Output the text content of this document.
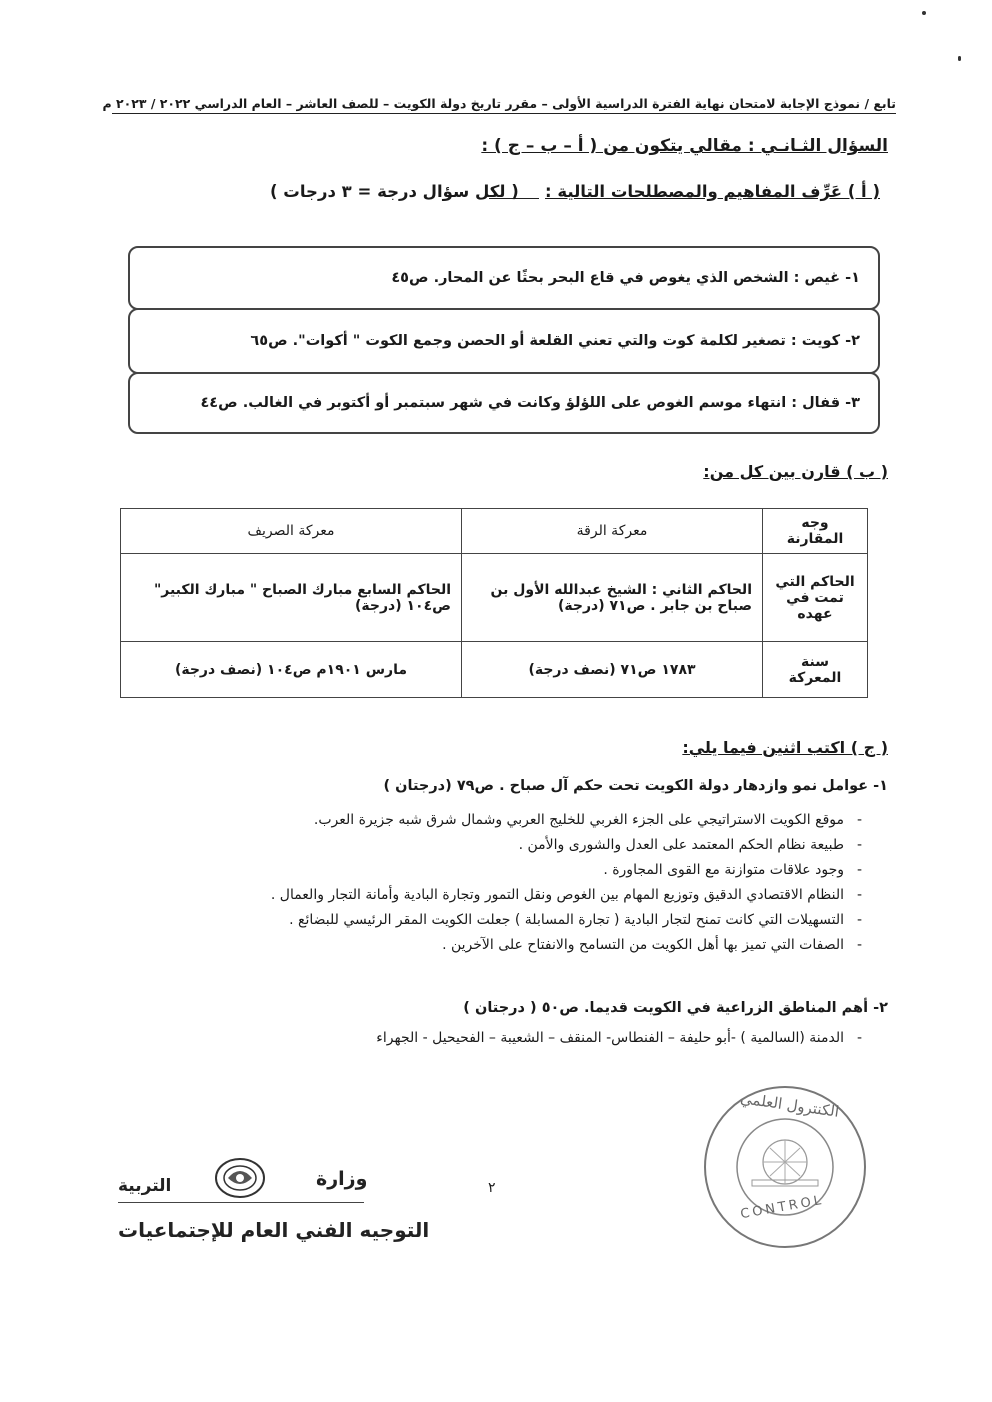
تابع / نموذج الإجابة لامتحان نهاية الفترة الدراسية الأولى – مقرر تاريخ دولة الكويت – للصف العاشر – العام الدراسي ٢٠٢٢ / ٢٠٢٣ م
السؤال الثـانـي : مقالي يتكون من ( أ – ب – ج ) :
( أ ) عَرِّف المفاهيم والمصطلحات التالية :
( لكل سؤال درجة = ٣ درجات )
١- غيص : الشخص الذي يغوص في قاع البحر بحثًا عن المحار. ص٤٥
٢- كويت : تصغير لكلمة كوت والتي تعني القلعة أو الحصن وجمع الكوت " أكوات". ص٦٥
٣- قفال : انتهاء موسم الغوص على اللؤلؤ وكانت في شهر سبتمبر أو أكتوبر في الغالب. ص٤٤
( ب ) قارن بين كل من:
وجه المقارنة	معركة الرقة	معركة الصريف
الحاكم التي تمت في عهده	الحاكم الثاني : الشيخ عبدالله الأول بن صباح بن جابر . ص٧١ (درجة)	الحاكم السابع مبارك الصباح " مبارك الكبير" ص١٠٤ (درجة)
سنة المعركة	١٧٨٣ ص٧١ (نصف درجة)	مارس ١٩٠١م ص١٠٤ (نصف درجة)
( ج ) اكتب اثنين فيما يلي:
١- عوامل نمو وازدهار دولة الكويت تحت حكم آل صباح . ص٧٩ (درجتان )
- موقع الكويت الاستراتيجي على الجزء الغربي للخليج العربي وشمال شرق شبه جزيرة العرب.
- طبيعة نظام الحكم المعتمد على العدل والشورى والأمن .
- وجود علاقات متوازنة مع القوى المجاورة .
- النظام الاقتصادي الدقيق وتوزيع المهام بين الغوص ونقل التمور وتجارة البادية وأمانة التجار والعمال .
- التسهيلات التي كانت تمنح لتجار البادية ( تجارة المسابلة ) جعلت الكويت المقر الرئيسي للبضائع .
- الصفات التي تميز بها أهل الكويت من التسامح والانفتاح على الآخرين .
٢- أهم المناطق الزراعية في الكويت قديما. ص٥٠ ( درجتان )
- الدمنة (السالمية ) -أبو حليفة – الفنطاس- المنقف – الشعيبة – الفحيحيل - الجهراء
الكنترول العلمي
CONTROL
٢
وزارة
التربية
التوجيه الفني العام للإجتماعيات
